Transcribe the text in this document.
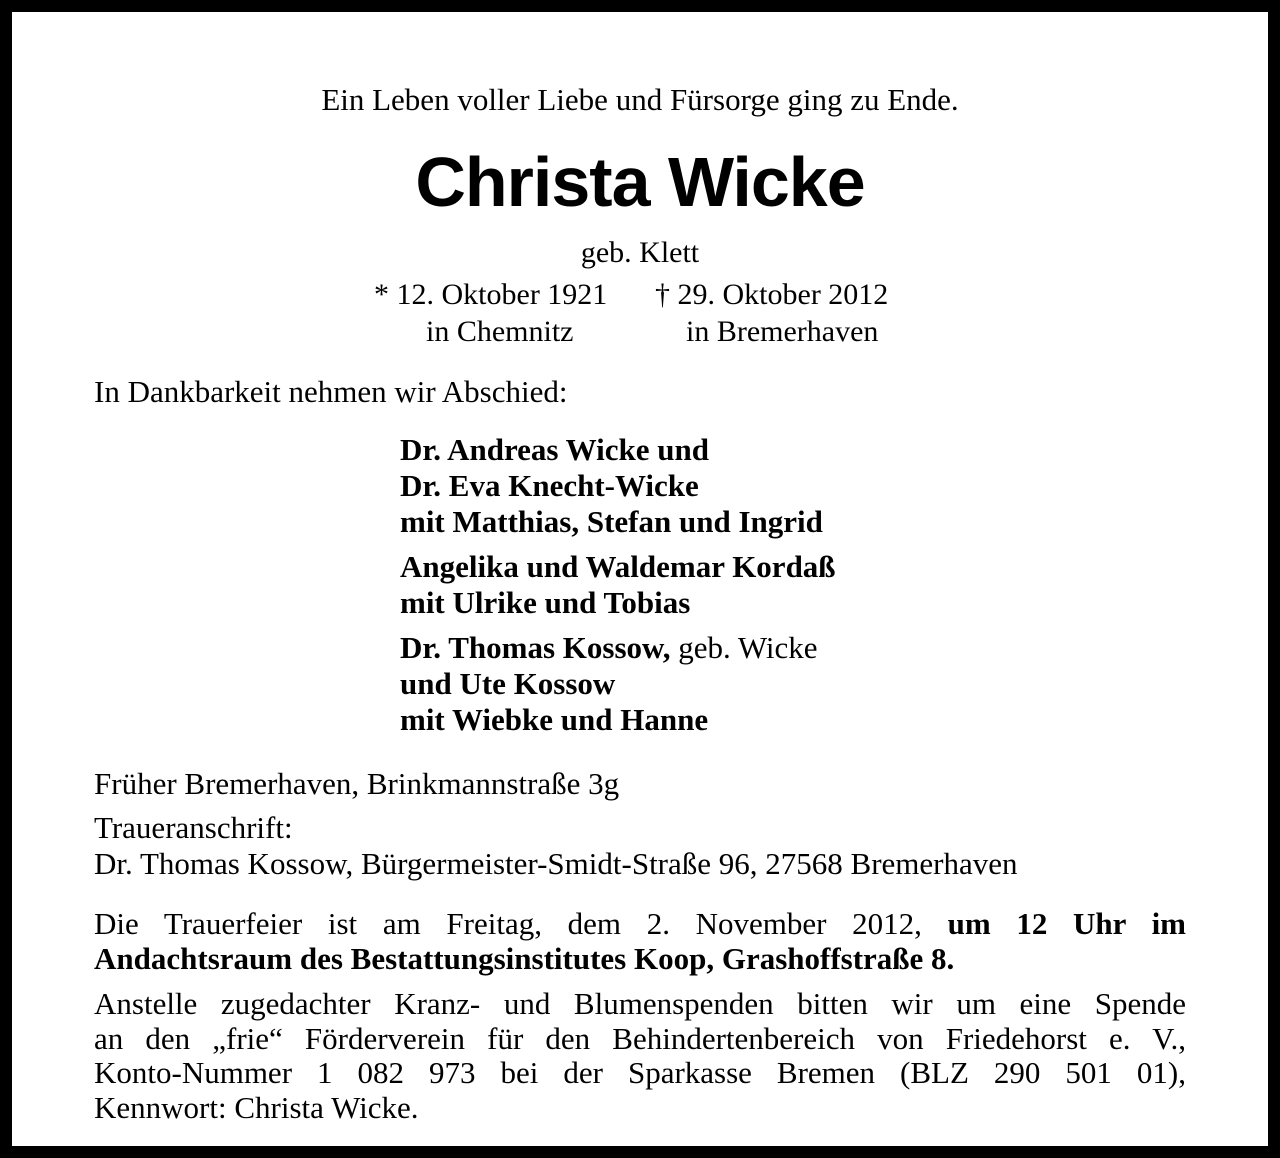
Ein Leben voller Liebe und Fürsorge ging zu Ende.
Christa Wicke
geb. Klett
* 12. Oktober 1921 † 29. Oktober 2012
in Chemnitz	in Bremerhaven
In Dankbarkeit nehmen wir Abschied:
Dr. Andreas Wicke und
Dr. Eva Knecht-Wicke
mit Matthias, Stefan und Ingrid
Angelika und Waldemar Kordaß
mit Ulrike und Tobias
Dr. Thomas Kossow, geb. Wicke
und Ute Kossow
mit Wiebke und Hanne
Früher Bremerhaven, Brinkmannstraße 3g
Traueranschrift:
Dr. Thomas Kossow, Bürgermeister-Smidt-Straße 96, 27568 Bremerhaven
Die Trauerfeier ist am Freitag, dem 2. November 2012, um 12 Uhr im
Andachtsraum des Bestattungsinstitutes Koop, Grashoffstraße 8.
Anstelle zugedachter Kranz- und Blumenspenden bitten wir um eine Spende
an den „frie“ Förderverein für den Behindertenbereich von Friedehorst e. V.,
Konto-Nummer 1 082 973 bei der Sparkasse Bremen (BLZ 290 501 01),
Kennwort: Christa Wicke.
